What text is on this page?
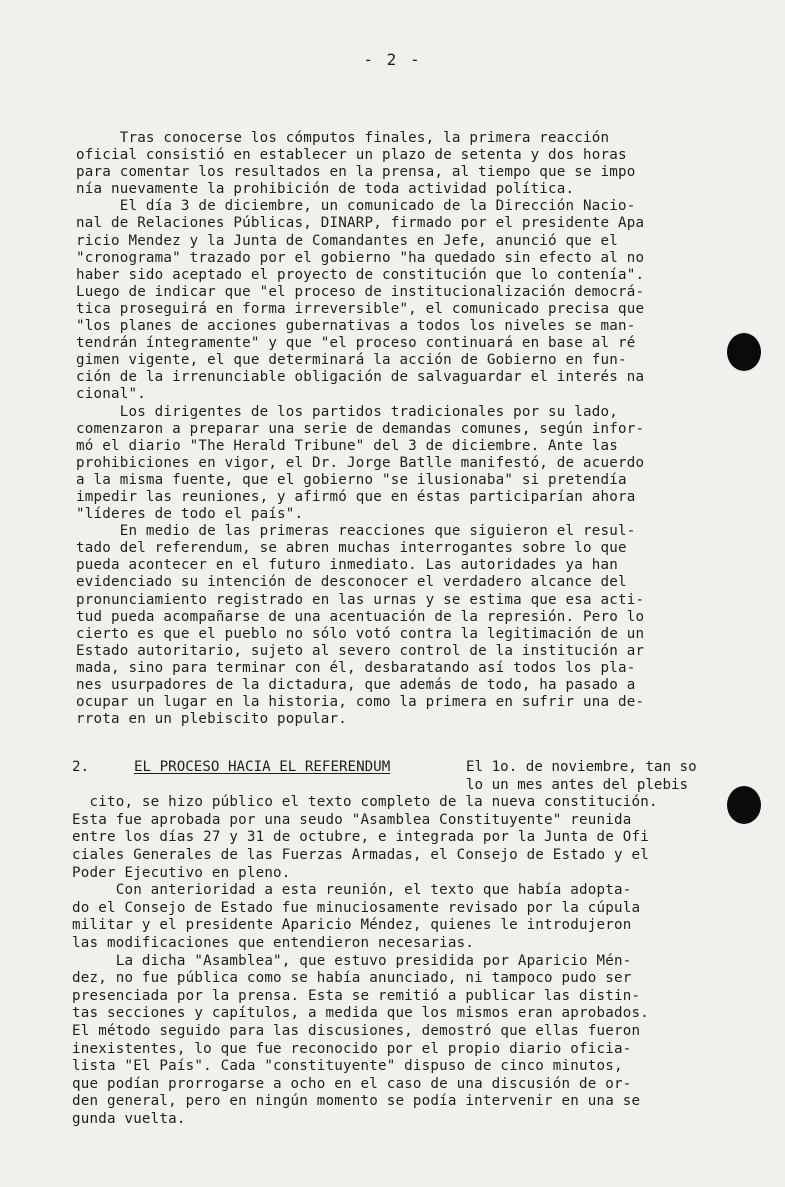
- 2 -
Tras conocerse los cómputos finales, la primera reacción
oficial consistió en establecer un plazo de setenta y dos horas
para comentar los resultados en la prensa, al tiempo que se impo
nía nuevamente la prohibición de toda actividad política.
El día 3 de diciembre, un comunicado de la Dirección Nacio-
nal de Relaciones Públicas, DINARP, firmado por el presidente Apa
ricio Mendez y la Junta de Comandantes en Jefe, anunció que el
"cronograma" trazado por el gobierno "ha quedado sin efecto al no
haber sido aceptado el proyecto de constitución que lo contenía".
Luego de indicar que "el proceso de institucionalización democrá-
tica proseguirá en forma irreversible", el comunicado precisa que
"los planes de acciones gubernativas a todos los niveles se man-
tendrán íntegramente" y que "el proceso continuará en base al ré
gimen vigente, el que determinará la acción de Gobierno en fun-
ción de la irrenunciable obligación de salvaguardar el interés na
cional".
Los dirigentes de los partidos tradicionales por su lado,
comenzaron a preparar una serie de demandas comunes, según infor-
mó el diario "The Herald Tribune" del 3 de diciembre. Ante las
prohibiciones en vigor, el Dr. Jorge Batlle manifestó, de acuerdo
a la misma fuente, que el gobierno "se ilusionaba" si pretendía
impedir las reuniones, y afirmó que en éstas participarían ahora
"líderes de todo el país".
En medio de las primeras reacciones que siguieron el resul-
tado del referendum, se abren muchas interrogantes sobre lo que
pueda acontecer en el futuro inmediato. Las autoridades ya han
evidenciado su intención de desconocer el verdadero alcance del
pronunciamiento registrado en las urnas y se estima que esa acti-
tud pueda acompañarse de una acentuación de la represión. Pero lo
cierto es que el pueblo no sólo votó contra la legitimación de un
Estado autoritario, sujeto al severo control de la institución ar
mada, sino para terminar con él, desbaratando así todos los pla-
nes usurpadores de la dictadura, que además de todo, ha pasado a
ocupar un lugar en la historia, como la primera en sufrir una de-
rrota en un plebiscito popular.
2.	EL PROCESO HACIA EL REFERENDUM	El 1o. de noviembre, tan so
lo un mes antes del plebis
cito, se hizo público el texto completo de la nueva constitución.
Esta fue aprobada por una seudo "Asamblea Constituyente" reunida
entre los días 27 y 31 de octubre, e integrada por la Junta de Ofi
ciales Generales de las Fuerzas Armadas, el Consejo de Estado y el
Poder Ejecutivo en pleno.
Con anterioridad a esta reunión, el texto que había adopta-
do el Consejo de Estado fue minuciosamente revisado por la cúpula
militar y el presidente Aparicio Méndez, quienes le introdujeron
las modificaciones que entendieron necesarias.
La dicha "Asamblea", que estuvo presidida por Aparicio Mén-
dez, no fue pública como se había anunciado, ni tampoco pudo ser
presenciada por la prensa. Esta se remitió a publicar las distin-
tas secciones y capítulos, a medida que los mismos eran aprobados.
El método seguido para las discusiones, demostró que ellas fueron
inexistentes, lo que fue reconocido por el propio diario oficia-
lista "El País". Cada "constituyente" dispuso de cinco minutos,
que podían prorrogarse a ocho en el caso de una discusión de or-
den general, pero en ningún momento se podía intervenir en una se
gunda vuelta.
